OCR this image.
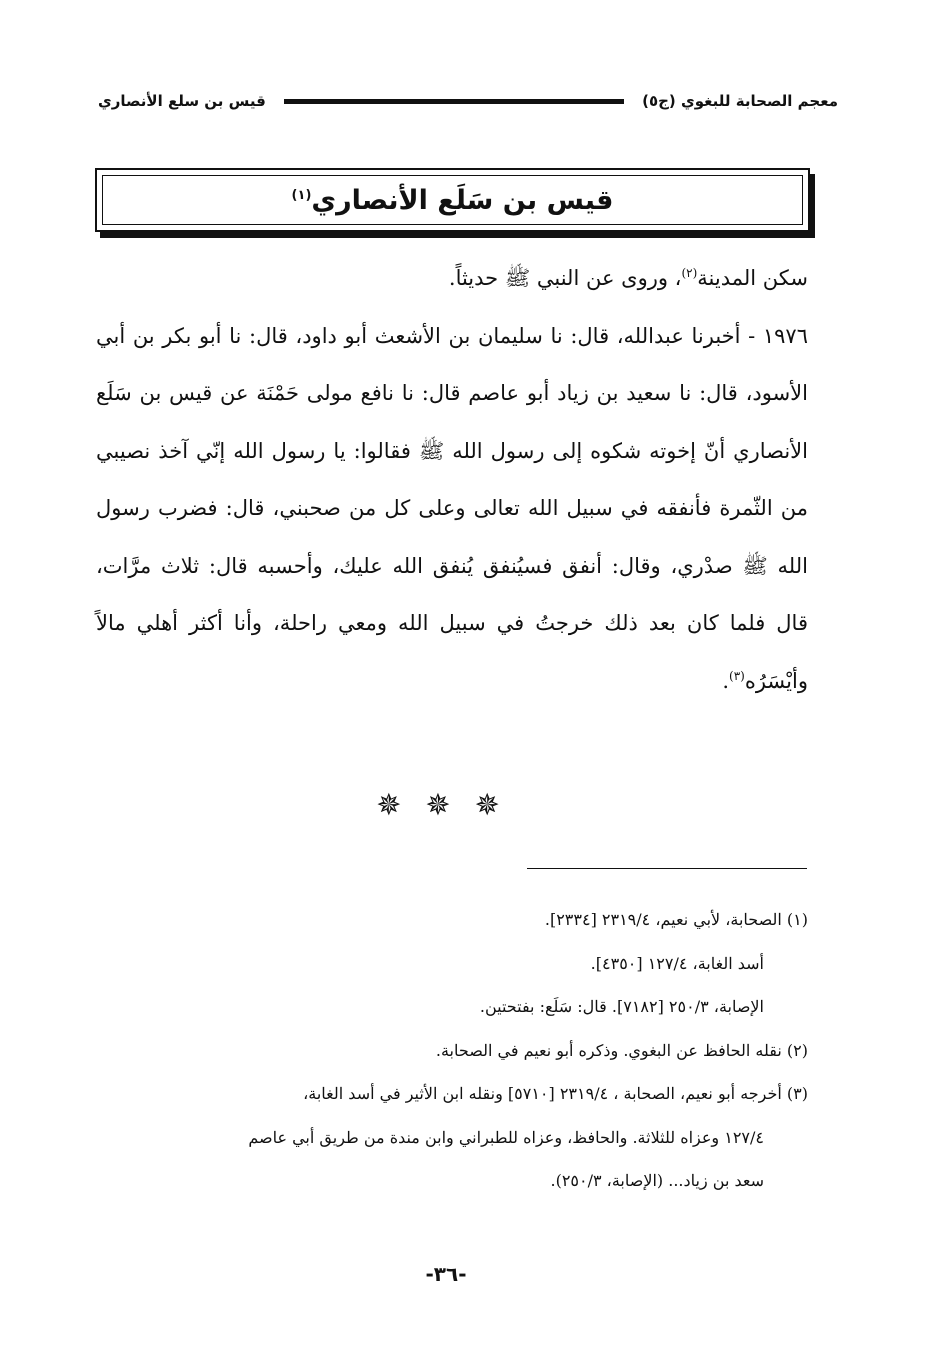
معجم الصحابة للبغوي (ج٥)
قيس بن سلع الأنصاري
قيس بن سَلَع الأنصاري$^{(١)}$

سكن المدينة$^{(٢)}$، وروى عن النبي ﷺ حديثاً.

١٩٧٦ - أخبرنا عبدالله، قال: نا سليمان بن الأشعث أبو داود، قال: نا أبو بكر بن أبي الأسود، قال: نا سعيد بن زياد أبو عاصم قال: نا نافع مولى حَمْنَة عن قيس بن سَلَع الأنصاري أنّ إخوته شكوه إلى رسول الله ﷺ فقالوا: يا رسول الله إنّي آخذ نصيبي من الثّمرة فأنفقه في سبيل الله تعالى وعلى كل من صحبني، قال: فضرب رسول الله ﷺ صدْري، وقال: أنفق فسيُنفق يُنفق الله عليك، وأحسبه قال: ثلاث مرَّات، قال فلما كان بعد ذلك خرجتُ في سبيل الله ومعي راحلة، وأنا أكثر أهلي مالاً وأيْسَرُه$^{(٣)}$.

✵✵✵

(١) الصحابة، لأبي نعيم، ٢٣١٩/٤ [٢٣٣٤].

أسد الغابة، ١٢٧/٤ [٤٣٥٠].

الإصابة، ٢٥٠/٣ [٧١٨٢]. قال: سَلَع: بفتحتين.

(٢) نقله الحافظ عن البغوي. وذكره أبو نعيم في الصحابة.

(٣) أخرجه أبو نعيم، الصحابة ، ٢٣١٩/٤ [٥٧١٠] ونقله ابن الأثير في أسد الغابة،

١٢٧/٤ وعزاه للثلاثة. والحافظ، وعزاه للطبراني وابن مندة من طريق أبي عاصم

سعد بن زياد... (الإصابة، ٢٥٠/٣).

-٣٦-
